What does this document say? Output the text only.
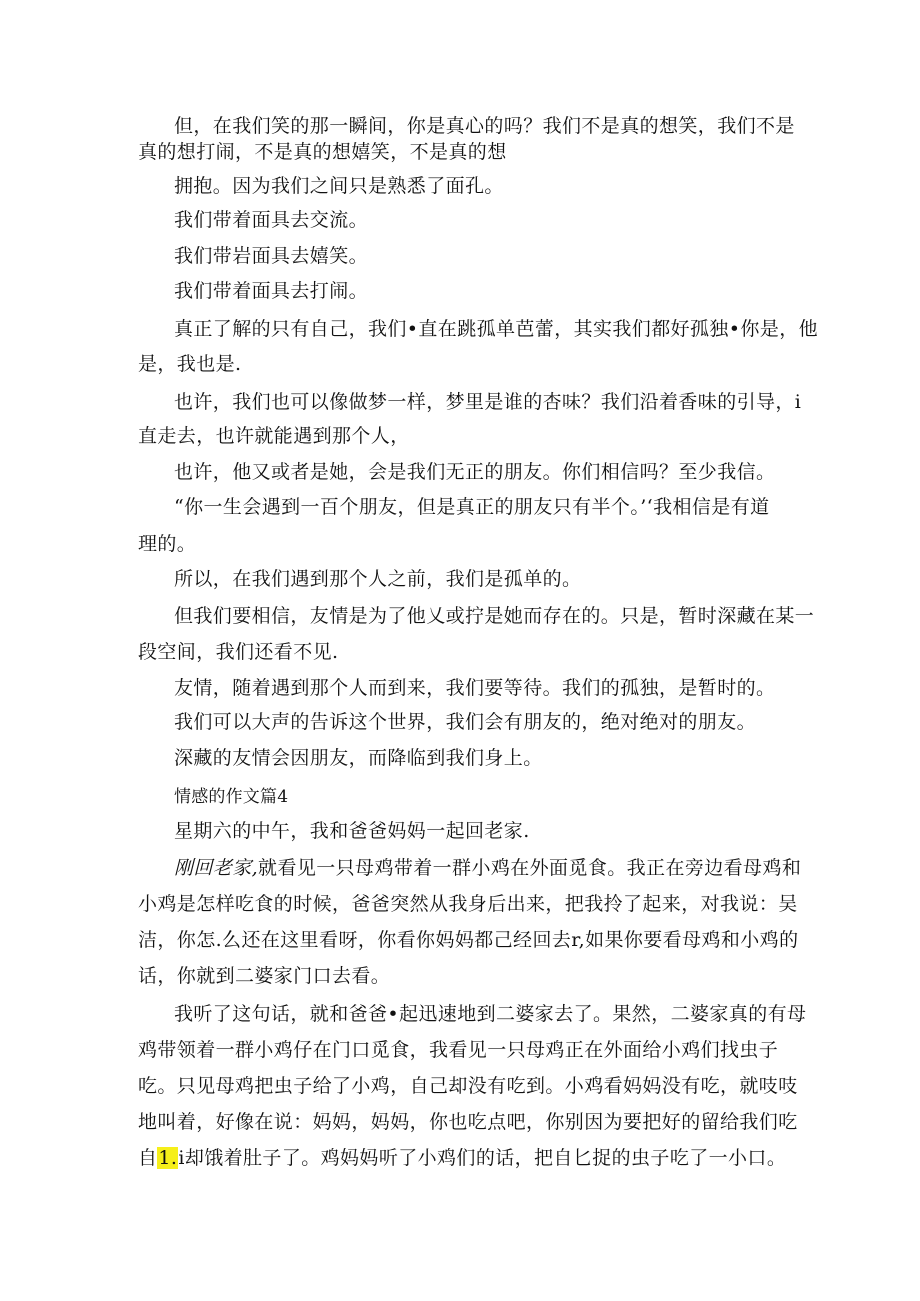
但，在我们笑的那一瞬间，你是真心的吗？我们不是真的想笑，我们不是
真的想打闹，不是真的想嬉笑，不是真的想
拥抱。因为我们之间只是熟悉了面孔。
我们带着面具去交流。
我们带岩面具去嬉笑。
我们带着面具去打闹。
真正了解的只有自己，我们•直在跳孤单芭蕾，其实我们都好孤独•你是，他
是，我也是.
也许，我们也可以像做梦一样，梦里是谁的杏味？我们沿着香味的引导，i
直走去，也许就能遇到那个人，
也许，他又或者是她，会是我们无正的朋友。你们相信吗？至少我信。
“你一生会遇到一百个朋友，但是真正的朋友只有半个。’‘我相信是有道
理的。
所以，在我们遇到那个人之前，我们是孤单的。
但我们要相信，友情是为了他乂或拧是她而存在的。只是，暂时深藏在某一
段空间，我们还看不见.
友情，随着遇到那个人而到来，我们要等待。我们的孤独，是暂时的。
我们可以大声的告诉这个世界，我们会有朋友的，绝对绝对的朋友。
深藏的友情会因朋友，而降临到我们身上。
情感的作文篇4
星期六的中午，我和爸爸妈妈一起回老家.
刚回老家,就看见一只母鸡带着一群小鸡在外面觅食。我正在旁边看母鸡和
小鸡是怎样吃食的时候，爸爸突然从我身后出来，把我拎了起来，对我说：吴
洁，你怎.么还在这里看呀，你看你妈妈都己经回去r,如果你要看母鸡和小鸡的
话，你就到二婆家门口去看。
我听了这句话，就和爸爸•起迅速地到二婆家去了。果然，二婆家真的有母
鸡带领着一群小鸡仔在门口觅食，我看见一只母鸡正在外面给小鸡们找虫子
吃。只见母鸡把虫子给了小鸡，自己却没有吃到。小鸡看妈妈没有吃，就吱吱
地叫着，好像在说：妈妈，妈妈，你也吃点吧，你别因为要把好的留给我们吃
自1.i却饿着肚子了。鸡妈妈听了小鸡们的话，把自匕捉的虫子吃了一小口。
